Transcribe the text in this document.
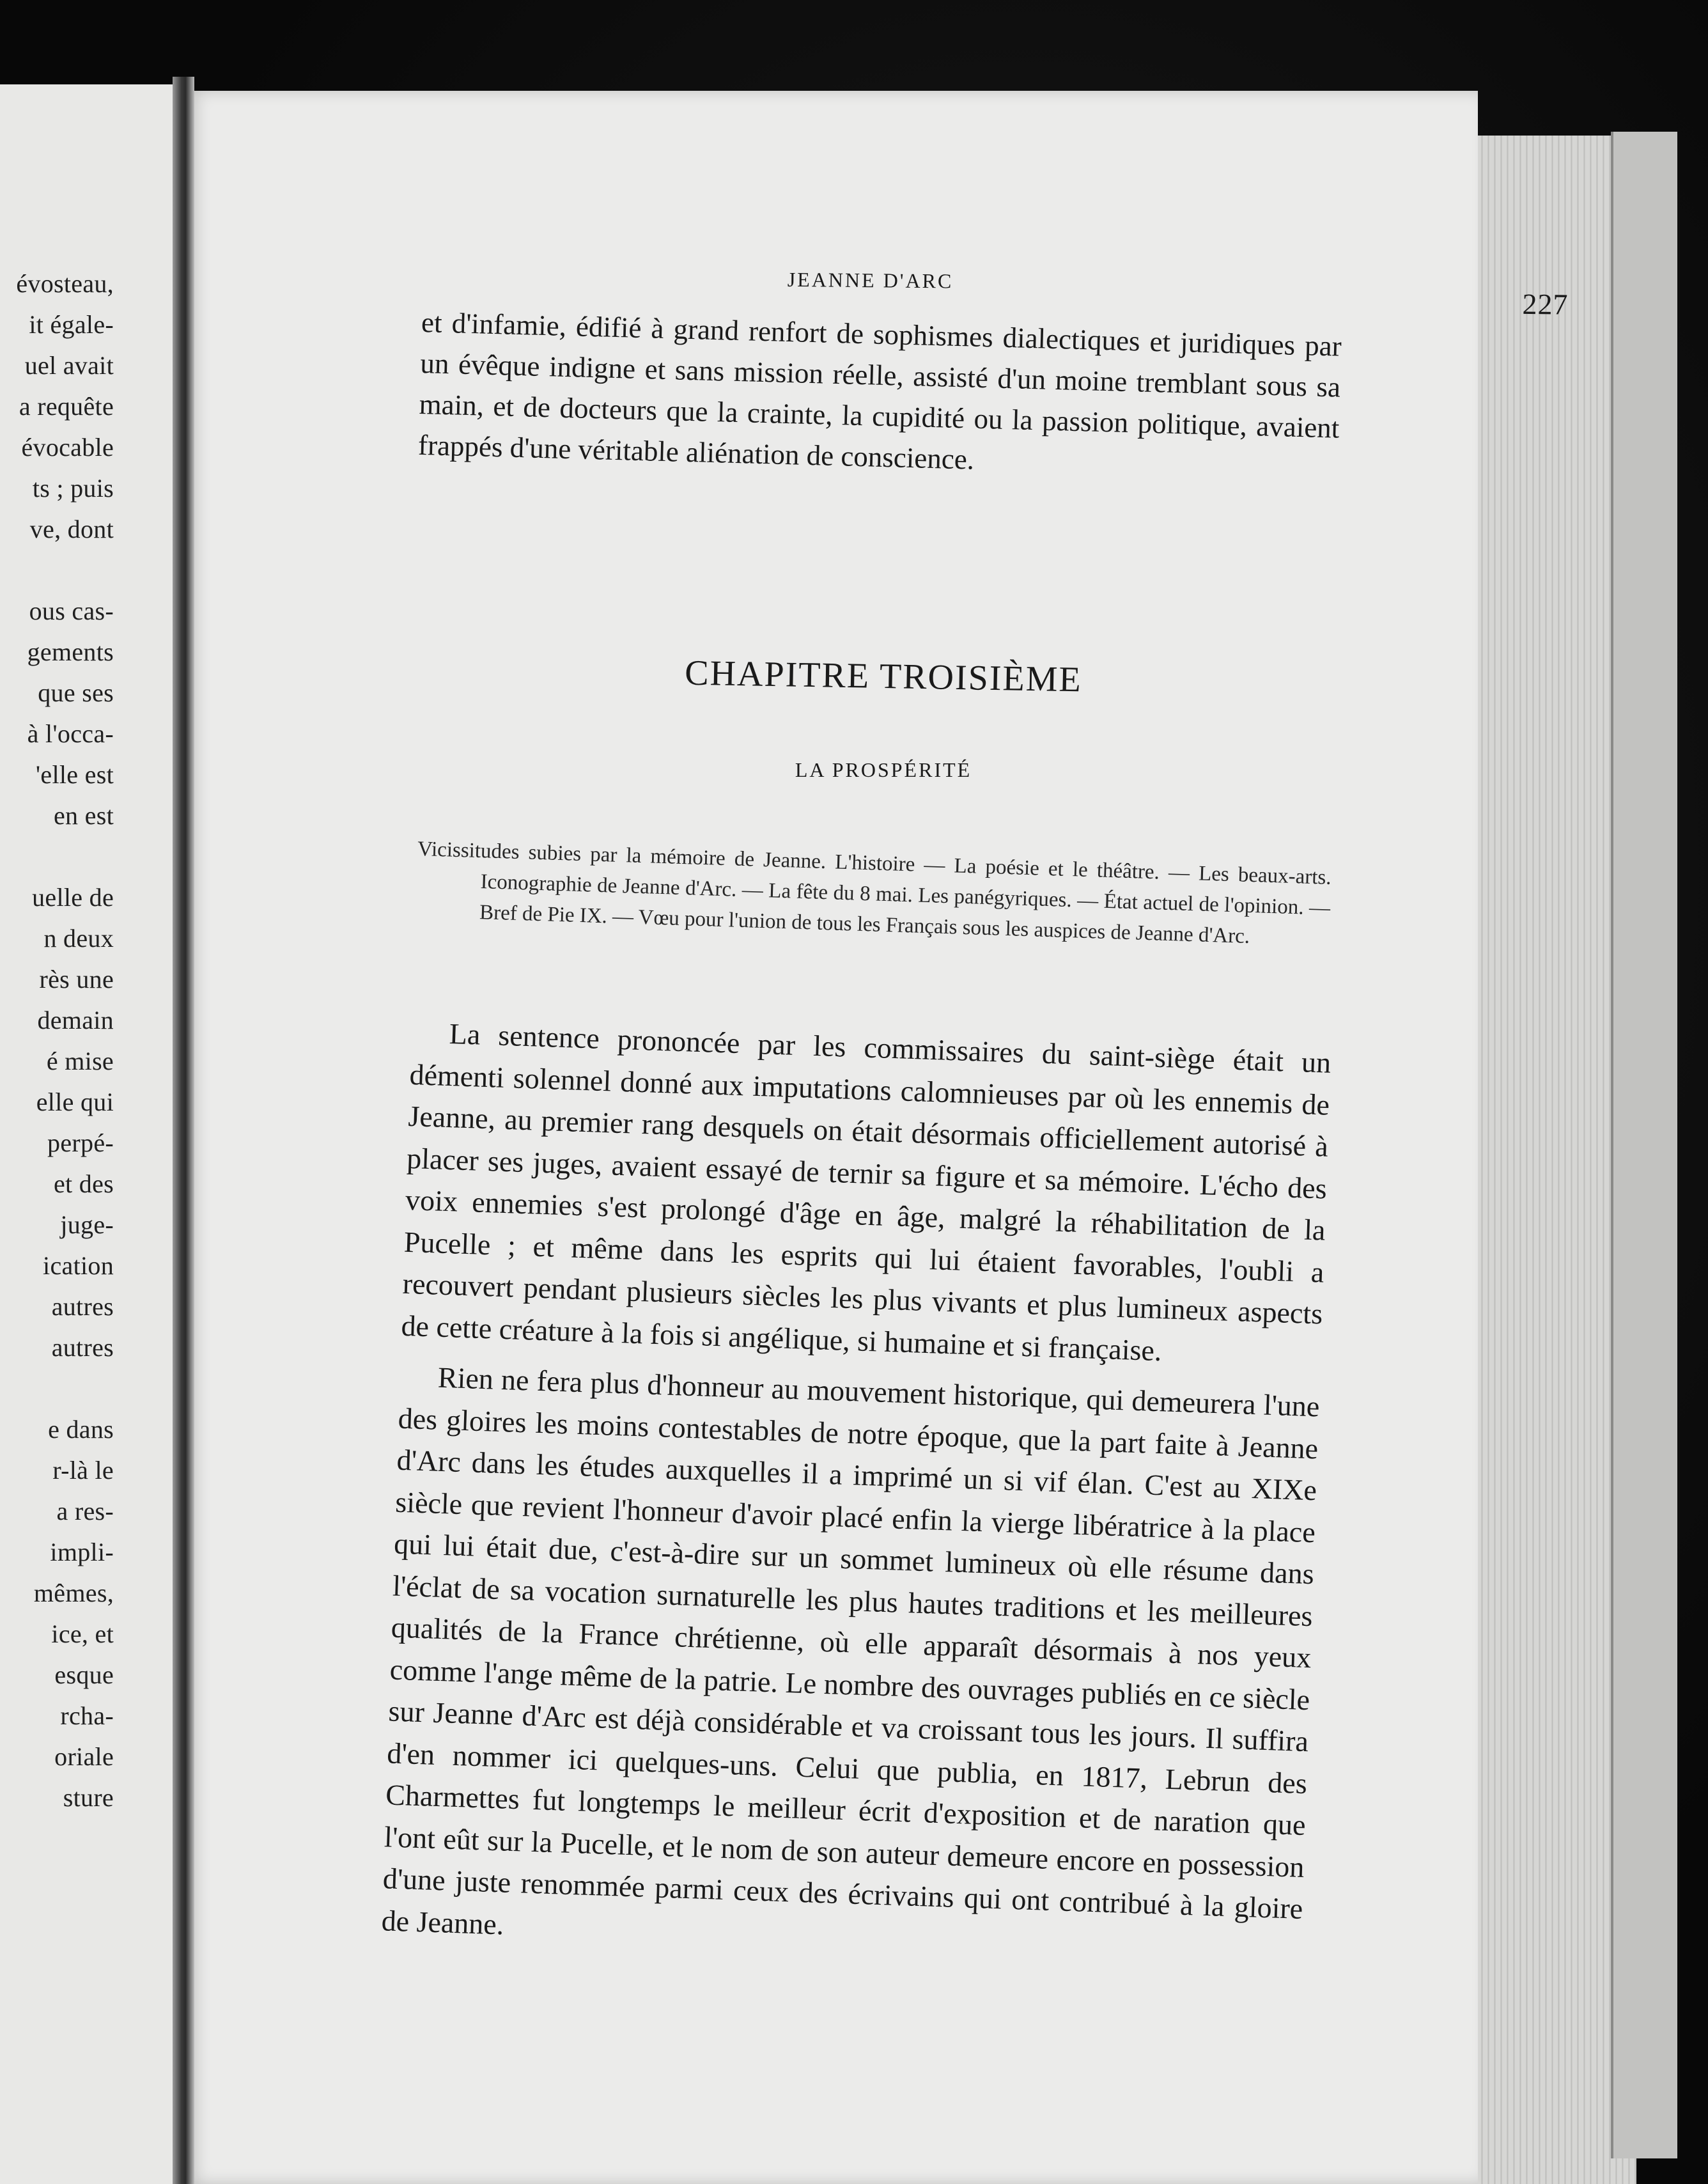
évosteau,
it égale-
uel avait
a requête
évocable
ts ; puis
ve, dont
ous cas-
gements
que ses
à l'occa-
'elle est
en est
uelle de
n deux
rès une
demain
é mise
elle qui
perpé-
et des
juge-
ication
autres
autres
e dans
r-là le
a res-
impli-
mêmes,
ice, et
esque
rcha-
oriale
sture
JEANNE D'ARC
227

et d'infamie, édifié à grand renfort de sophismes dialectiques et juridiques par un évêque indigne et sans mission réelle, assisté d'un moine tremblant sous sa main, et de docteurs que la crainte, la cupidité ou la passion politique, avaient frappés d'une véritable aliénation de conscience.

CHAPITRE TROISIÈME
LA PROSPÉRITÉ

Vicissitudes subies par la mémoire de Jeanne. L'histoire — La poésie et le théâtre. — Les beaux-arts. Iconographie de Jeanne d'Arc. — La fête du 8 mai. Les panégyriques. — État actuel de l'opinion. — Bref de Pie IX. — Vœu pour l'union de tous les Français sous les auspices de Jeanne d'Arc.

La sentence prononcée par les commissaires du saint-siège était un démenti solennel donné aux imputations calomnieuses par où les ennemis de Jeanne, au premier rang desquels on était désormais officiellement autorisé à placer ses juges, avaient essayé de ternir sa figure et sa mémoire. L'écho des voix ennemies s'est prolongé d'âge en âge, malgré la réhabilitation de la Pucelle ; et même dans les esprits qui lui étaient favorables, l'oubli a recouvert pendant plusieurs siècles les plus vivants et plus lumineux aspects de cette créature à la fois si angélique, si humaine et si française.

Rien ne fera plus d'honneur au mouvement historique, qui demeurera l'une des gloires les moins contestables de notre époque, que la part faite à Jeanne d'Arc dans les études auxquelles il a imprimé un si vif élan. C'est au XIXe siècle que revient l'honneur d'avoir placé enfin la vierge libératrice à la place qui lui était due, c'est-à-dire sur un sommet lumineux où elle résume dans l'éclat de sa vocation surnaturelle les plus hautes traditions et les meilleures qualités de la France chrétienne, où elle apparaît désormais à nos yeux comme l'ange même de la patrie. Le nombre des ouvrages publiés en ce siècle sur Jeanne d'Arc est déjà considérable et va croissant tous les jours. Il suffira d'en nommer ici quelques-uns. Celui que publia, en 1817, Lebrun des Charmettes fut longtemps le meilleur écrit d'exposition et de naration que l'ont eût sur la Pucelle, et le nom de son auteur demeure encore en possession d'une juste renommée parmi ceux des écrivains qui ont contribué à la gloire de Jeanne.
